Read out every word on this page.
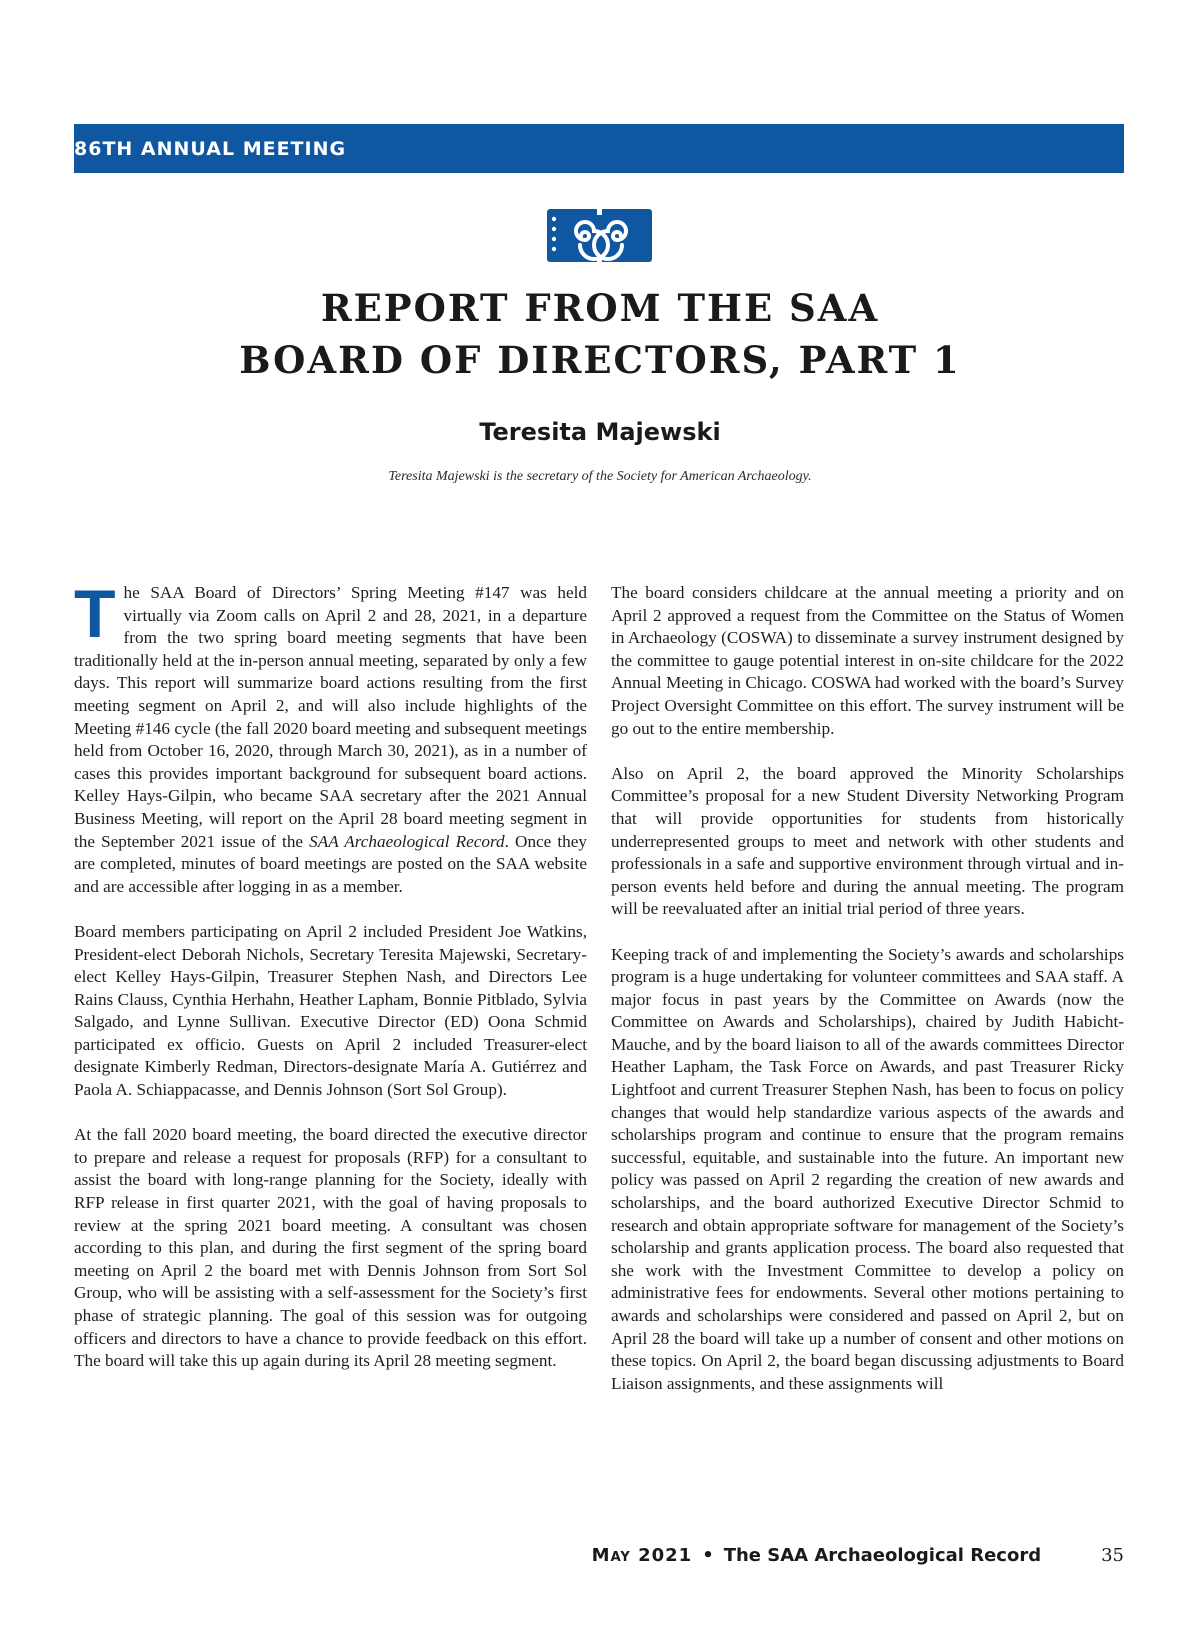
86TH ANNUAL MEETING
REPORT FROM THE SAA
BOARD OF DIRECTORS, PART 1
Teresita Majewski
Teresita Majewski is the secretary of the Society for American Archaeology.

The SAA Board of Directors’ Spring Meeting #147 was held virtually via Zoom calls on April 2 and 28, 2021, in a departure from the two spring board meeting segments that have been traditionally held at the in-person annual meeting, separated by only a few days. This report will summarize board actions resulting from the first meeting segment on April 2, and will also include highlights of the Meeting #146 cycle (the fall 2020 board meeting and subsequent meetings held from October 16, 2020, through March 30, 2021), as in a number of cases this provides important background for subsequent board actions. Kelley Hays-Gilpin, who became SAA secretary after the 2021 Annual Business Meeting, will report on the April 28 board meeting segment in the September 2021 issue of the SAA Archaeological Record. Once they are completed, minutes of board meetings are posted on the SAA website and are accessible after logging in as a member.

Board members participating on April 2 included President Joe Watkins, President-elect Deborah Nichols, Secretary Teresita Majewski, Secretary-elect Kelley Hays-Gilpin, Treasurer Stephen Nash, and Directors Lee Rains Clauss, Cynthia Herhahn, Heather Lapham, Bonnie Pitblado, Sylvia Salgado, and Lynne Sullivan. Executive Director (ED) Oona Schmid participated ex officio. Guests on April 2 included Treasurer-elect designate Kimberly Redman, Directors-designate María A. Gutiérrez and Paola A. Schiappacasse, and Dennis Johnson (Sort Sol Group).

At the fall 2020 board meeting, the board directed the executive director to prepare and release a request for proposals (RFP) for a consultant to assist the board with long-range planning for the Society, ideally with RFP release in first quarter 2021, with the goal of having proposals to review at the spring 2021 board meeting. A consultant was chosen according to this plan, and during the first segment of the spring board meeting on April 2 the board met with Dennis Johnson from Sort Sol Group, who will be assisting with a self-assessment for the Society’s first phase of strategic planning. The goal of this session was for outgoing officers and directors to have a chance to provide feedback on this effort. The board will take this up again during its April 28 meeting segment.

The board considers childcare at the annual meeting a priority and on April 2 approved a request from the Committee on the Status of Women in Archaeology (COSWA) to disseminate a survey instrument designed by the committee to gauge potential interest in on-site childcare for the 2022 Annual Meeting in Chicago. COSWA had worked with the board’s Survey Project Oversight Committee on this effort. The survey instrument will be go out to the entire membership.

Also on April 2, the board approved the Minority Scholarships Committee’s proposal for a new Student Diversity Networking Program that will provide opportunities for students from historically underrepresented groups to meet and network with other students and professionals in a safe and supportive environment through virtual and in-person events held before and during the annual meeting. The program will be reevaluated after an initial trial period of three years.

Keeping track of and implementing the Society’s awards and scholarships program is a huge undertaking for volunteer committees and SAA staff. A major focus in past years by the Committee on Awards (now the Committee on Awards and Scholarships), chaired by Judith Habicht-Mauche, and by the board liaison to all of the awards committees Director Heather Lapham, the Task Force on Awards, and past Treasurer Ricky Lightfoot and current Treasurer Stephen Nash, has been to focus on policy changes that would help standardize various aspects of the awards and scholarships program and continue to ensure that the program remains successful, equitable, and sustainable into the future. An important new policy was passed on April 2 regarding the creation of new awards and scholarships, and the board authorized Executive Director Schmid to research and obtain appropriate software for management of the Society’s scholarship and grants application process. The board also requested that she work with the Investment Committee to develop a policy on administrative fees for endowments. Several other motions pertaining to awards and scholarships were considered and passed on April 2, but on April 28 the board will take up a number of consent and other motions on these topics. On April 2, the board began discussing adjustments to Board Liaison assignments, and these assignments will

May 2021 • The SAA Archaeological Record	35
